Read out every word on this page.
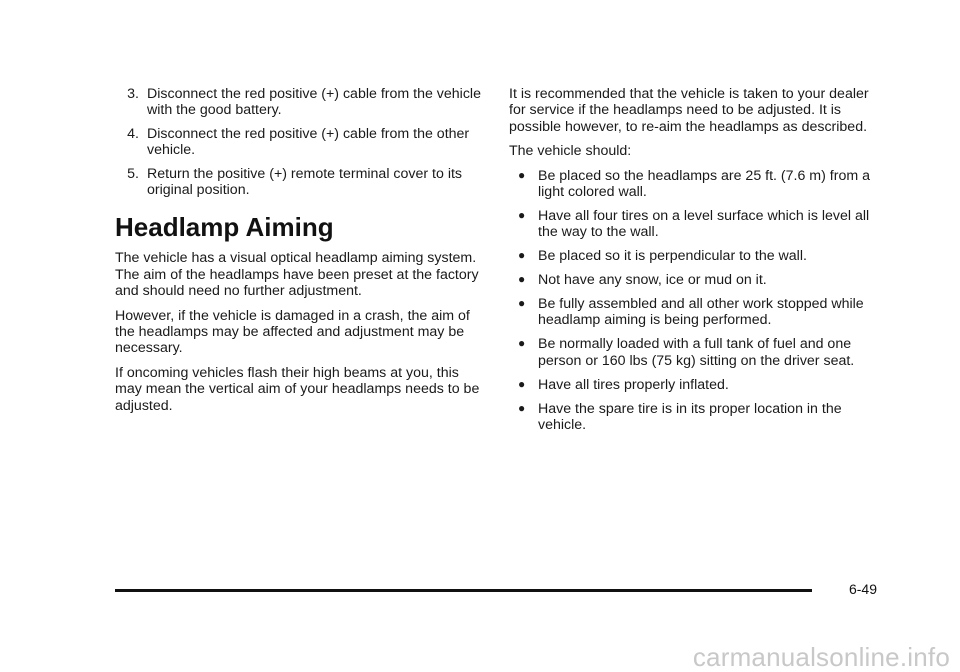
3. Disconnect the red positive (+) cable from the vehicle with the good battery.
4. Disconnect the red positive (+) cable from the other vehicle.
5. Return the positive (+) remote terminal cover to its original position.
Headlamp Aiming

The vehicle has a visual optical headlamp aiming system. The aim of the headlamps have been preset at the factory and should need no further adjustment.

However, if the vehicle is damaged in a crash, the aim of the headlamps may be affected and adjustment may be necessary.

If oncoming vehicles flash their high beams at you, this may mean the vertical aim of your headlamps needs to be adjusted.

It is recommended that the vehicle is taken to your dealer for service if the headlamps need to be adjusted. It is possible however, to re-aim the headlamps as described.

The vehicle should:

● Be placed so the headlamps are 25 ft. (7.6 m) from a light colored wall.
● Have all four tires on a level surface which is level all the way to the wall.
● Be placed so it is perpendicular to the wall.
● Not have any snow, ice or mud on it.
● Be fully assembled and all other work stopped while headlamp aiming is being performed.
● Be normally loaded with a full tank of fuel and one person or 160 lbs (75 kg) sitting on the driver seat.
● Have all tires properly inflated.
● Have the spare tire is in its proper location in the vehicle.
6-49
carmanualsonline.info
